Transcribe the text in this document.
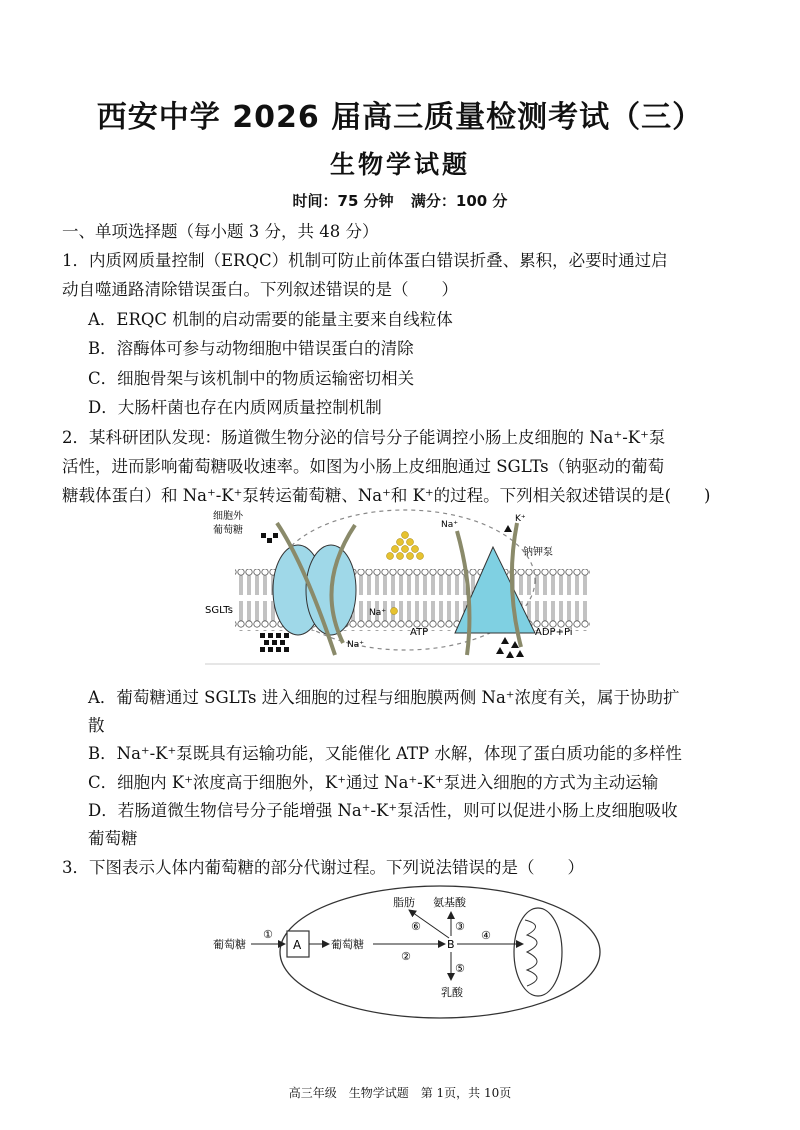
西安中学 2026 届高三质量检测考试（三）
生物学试题
时间：75 分钟 满分：100 分
一、单项选择题（每小题 3 分，共 48 分）
1．内质网质量控制（ERQC）机制可防止前体蛋白错误折叠、累积，必要时通过启
动自噬通路清除错误蛋白。下列叙述错误的是（　　）
A．ERQC 机制的启动需要的能量主要来自线粒体
B．溶酶体可参与动物细胞中错误蛋白的清除
C．细胞骨架与该机制中的物质运输密切相关
D．大肠杆菌也存在内质网质量控制机制
2．某科研团队发现：肠道微生物分泌的信号分子能调控小肠上皮细胞的 Na⁺-K⁺泵
活性，进而影响葡萄糖吸收速率。如图为小肠上皮细胞通过 SGLTs（钠驱动的葡萄
糖载体蛋白）和 Na⁺-K⁺泵转运葡萄糖、Na⁺和 K⁺的过程。下列相关叙述错误的是(　　)
细胞外
葡萄糖
SGLTs
Na⁺
K⁺
钠钾泵
Na⁺
Na⁺
ATP	ADP+Pi
A．葡萄糖通过 SGLTs 进入细胞的过程与细胞膜两侧 Na⁺浓度有关，属于协助扩
散
B．Na⁺-K⁺泵既具有运输功能，又能催化 ATP 水解，体现了蛋白质功能的多样性
C．细胞内 K⁺浓度高于细胞外，K⁺通过 Na⁺-K⁺泵进入细胞的方式为主动运输
D．若肠道微生物信号分子能增强 Na⁺-K⁺泵活性，则可以促进小肠上皮细胞吸收
葡萄糖
3．下图表示人体内葡萄糖的部分代谢过程。下列说法错误的是（　　）
A
葡萄糖	葡萄糖	B
脂肪 氨基酸
乳酸
①
②
③
④
⑤
⑥
高三年级　生物学试题　第 1页，共 10页
